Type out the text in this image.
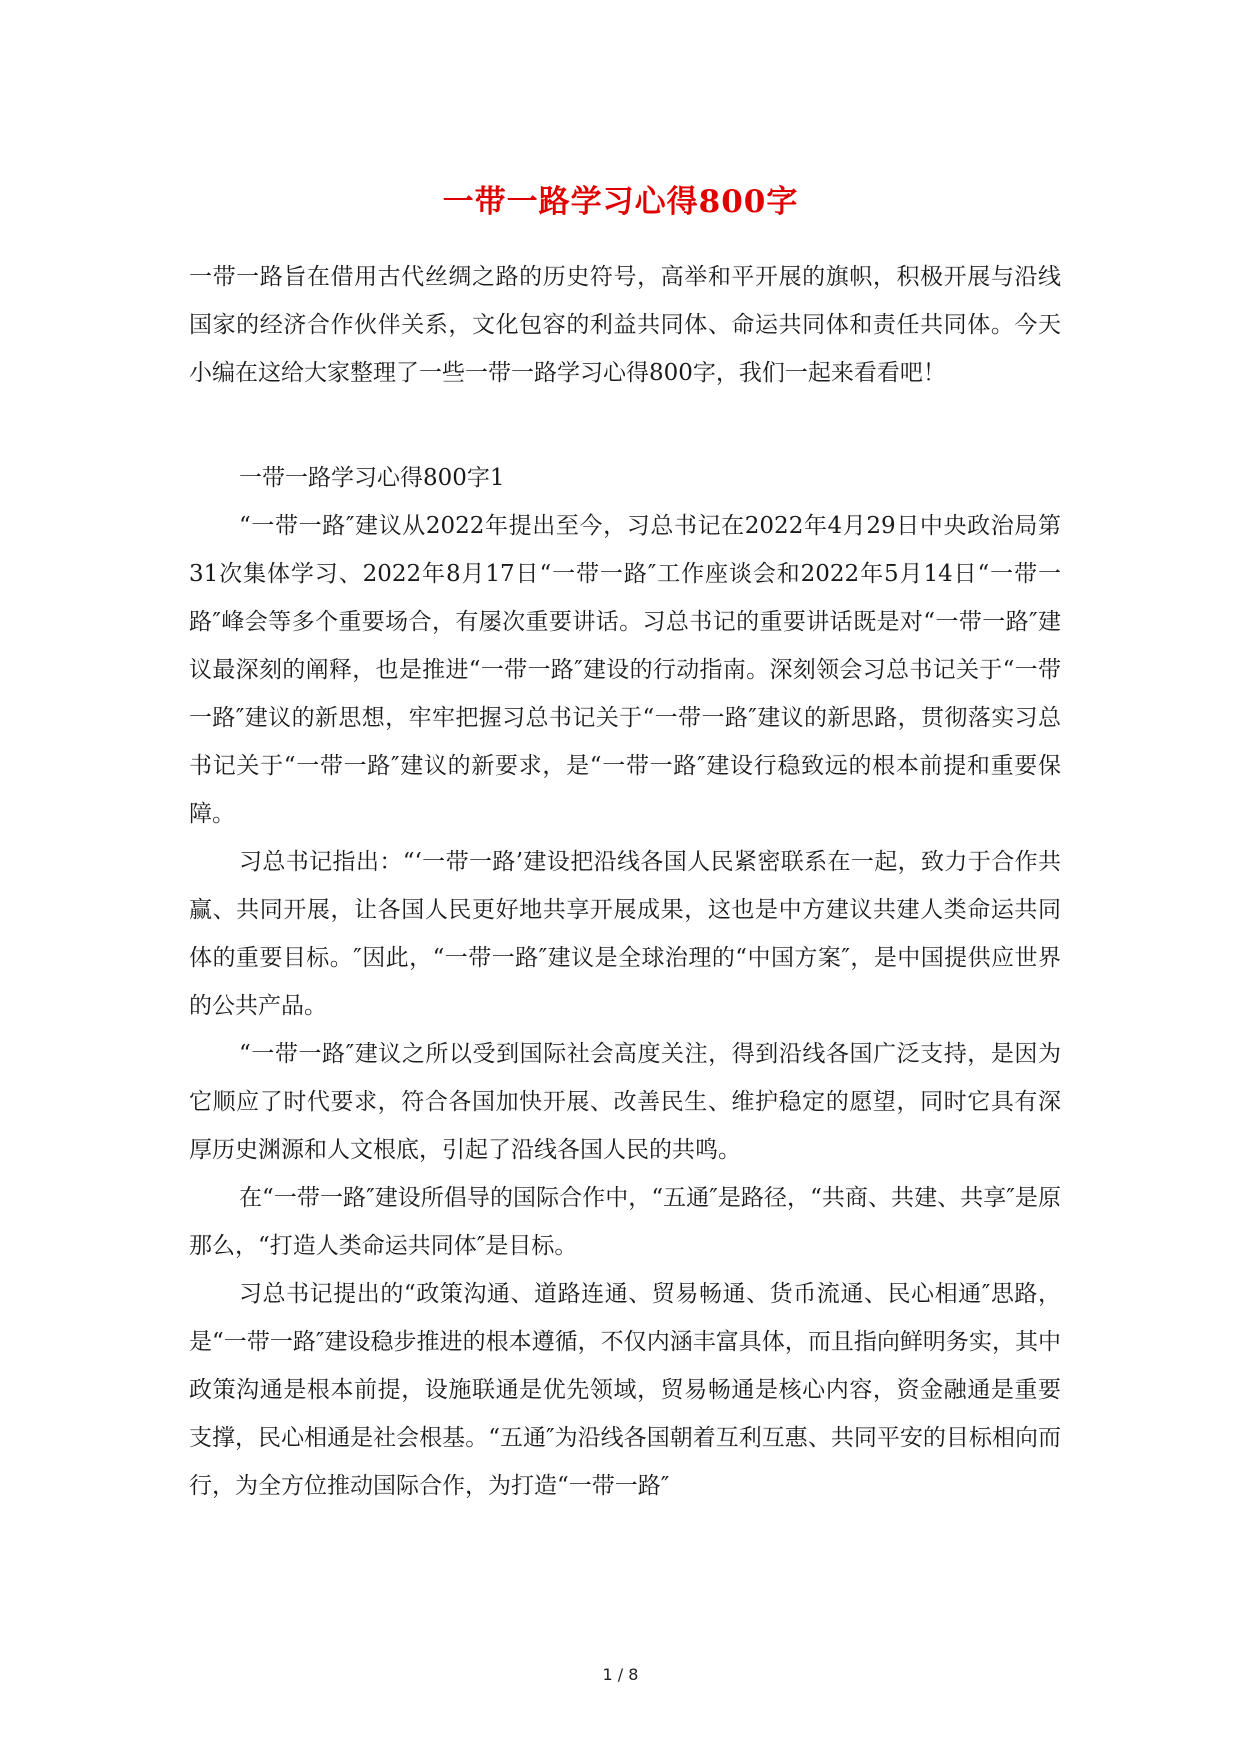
一带一路学习心得800字

一带一路旨在借用古代丝绸之路的历史符号，高举和平开展的旗帜，积极开展与沿线国家的经济合作伙伴关系，文化包容的利益共同体、命运共同体和责任共同体。今天小编在这给大家整理了一些一带一路学习心得800字，我们一起来看看吧！

一带一路学习心得800字1

“一带一路″建议从2022年提出至今，习总书记在2022年4月29日中央政治局第31次集体学习、2022年8月17日“一带一路″工作座谈会和2022年5月14日“一带一路″峰会等多个重要场合，有屡次重要讲话。习总书记的重要讲话既是对“一带一路″建议最深刻的阐释，也是推进“一带一路″建设的行动指南。深刻领会习总书记关于“一带一路″建议的新思想，牢牢把握习总书记关于“一带一路″建议的新思路，贯彻落实习总书记关于“一带一路″建议的新要求，是“一带一路″建设行稳致远的根本前提和重要保障。

习总书记指出：“‘一带一路’建设把沿线各国人民紧密联系在一起，致力于合作共赢、共同开展，让各国人民更好地共享开展成果，这也是中方建议共建人类命运共同体的重要目标。″因此，“一带一路″建议是全球治理的“中国方案″，是中国提供应世界的公共产品。

“一带一路″建议之所以受到国际社会高度关注，得到沿线各国广泛支持，是因为它顺应了时代要求，符合各国加快开展、改善民生、维护稳定的愿望，同时它具有深厚历史渊源和人文根底，引起了沿线各国人民的共鸣。

在“一带一路″建设所倡导的国际合作中，“五通″是路径，“共商、共建、共享″是原那么，“打造人类命运共同体″是目标。

习总书记提出的“政策沟通、道路连通、贸易畅通、货币流通、民心相通″思路，是“一带一路″建设稳步推进的根本遵循，不仅内涵丰富具体，而且指向鲜明务实，其中政策沟通是根本前提，设施联通是优先领域，贸易畅通是核心内容，资金融通是重要支撑，民心相通是社会根基。“五通″为沿线各国朝着互利互惠、共同平安的目标相向而行，为全方位推动国际合作，为打造“一带一路″

1 / 8
